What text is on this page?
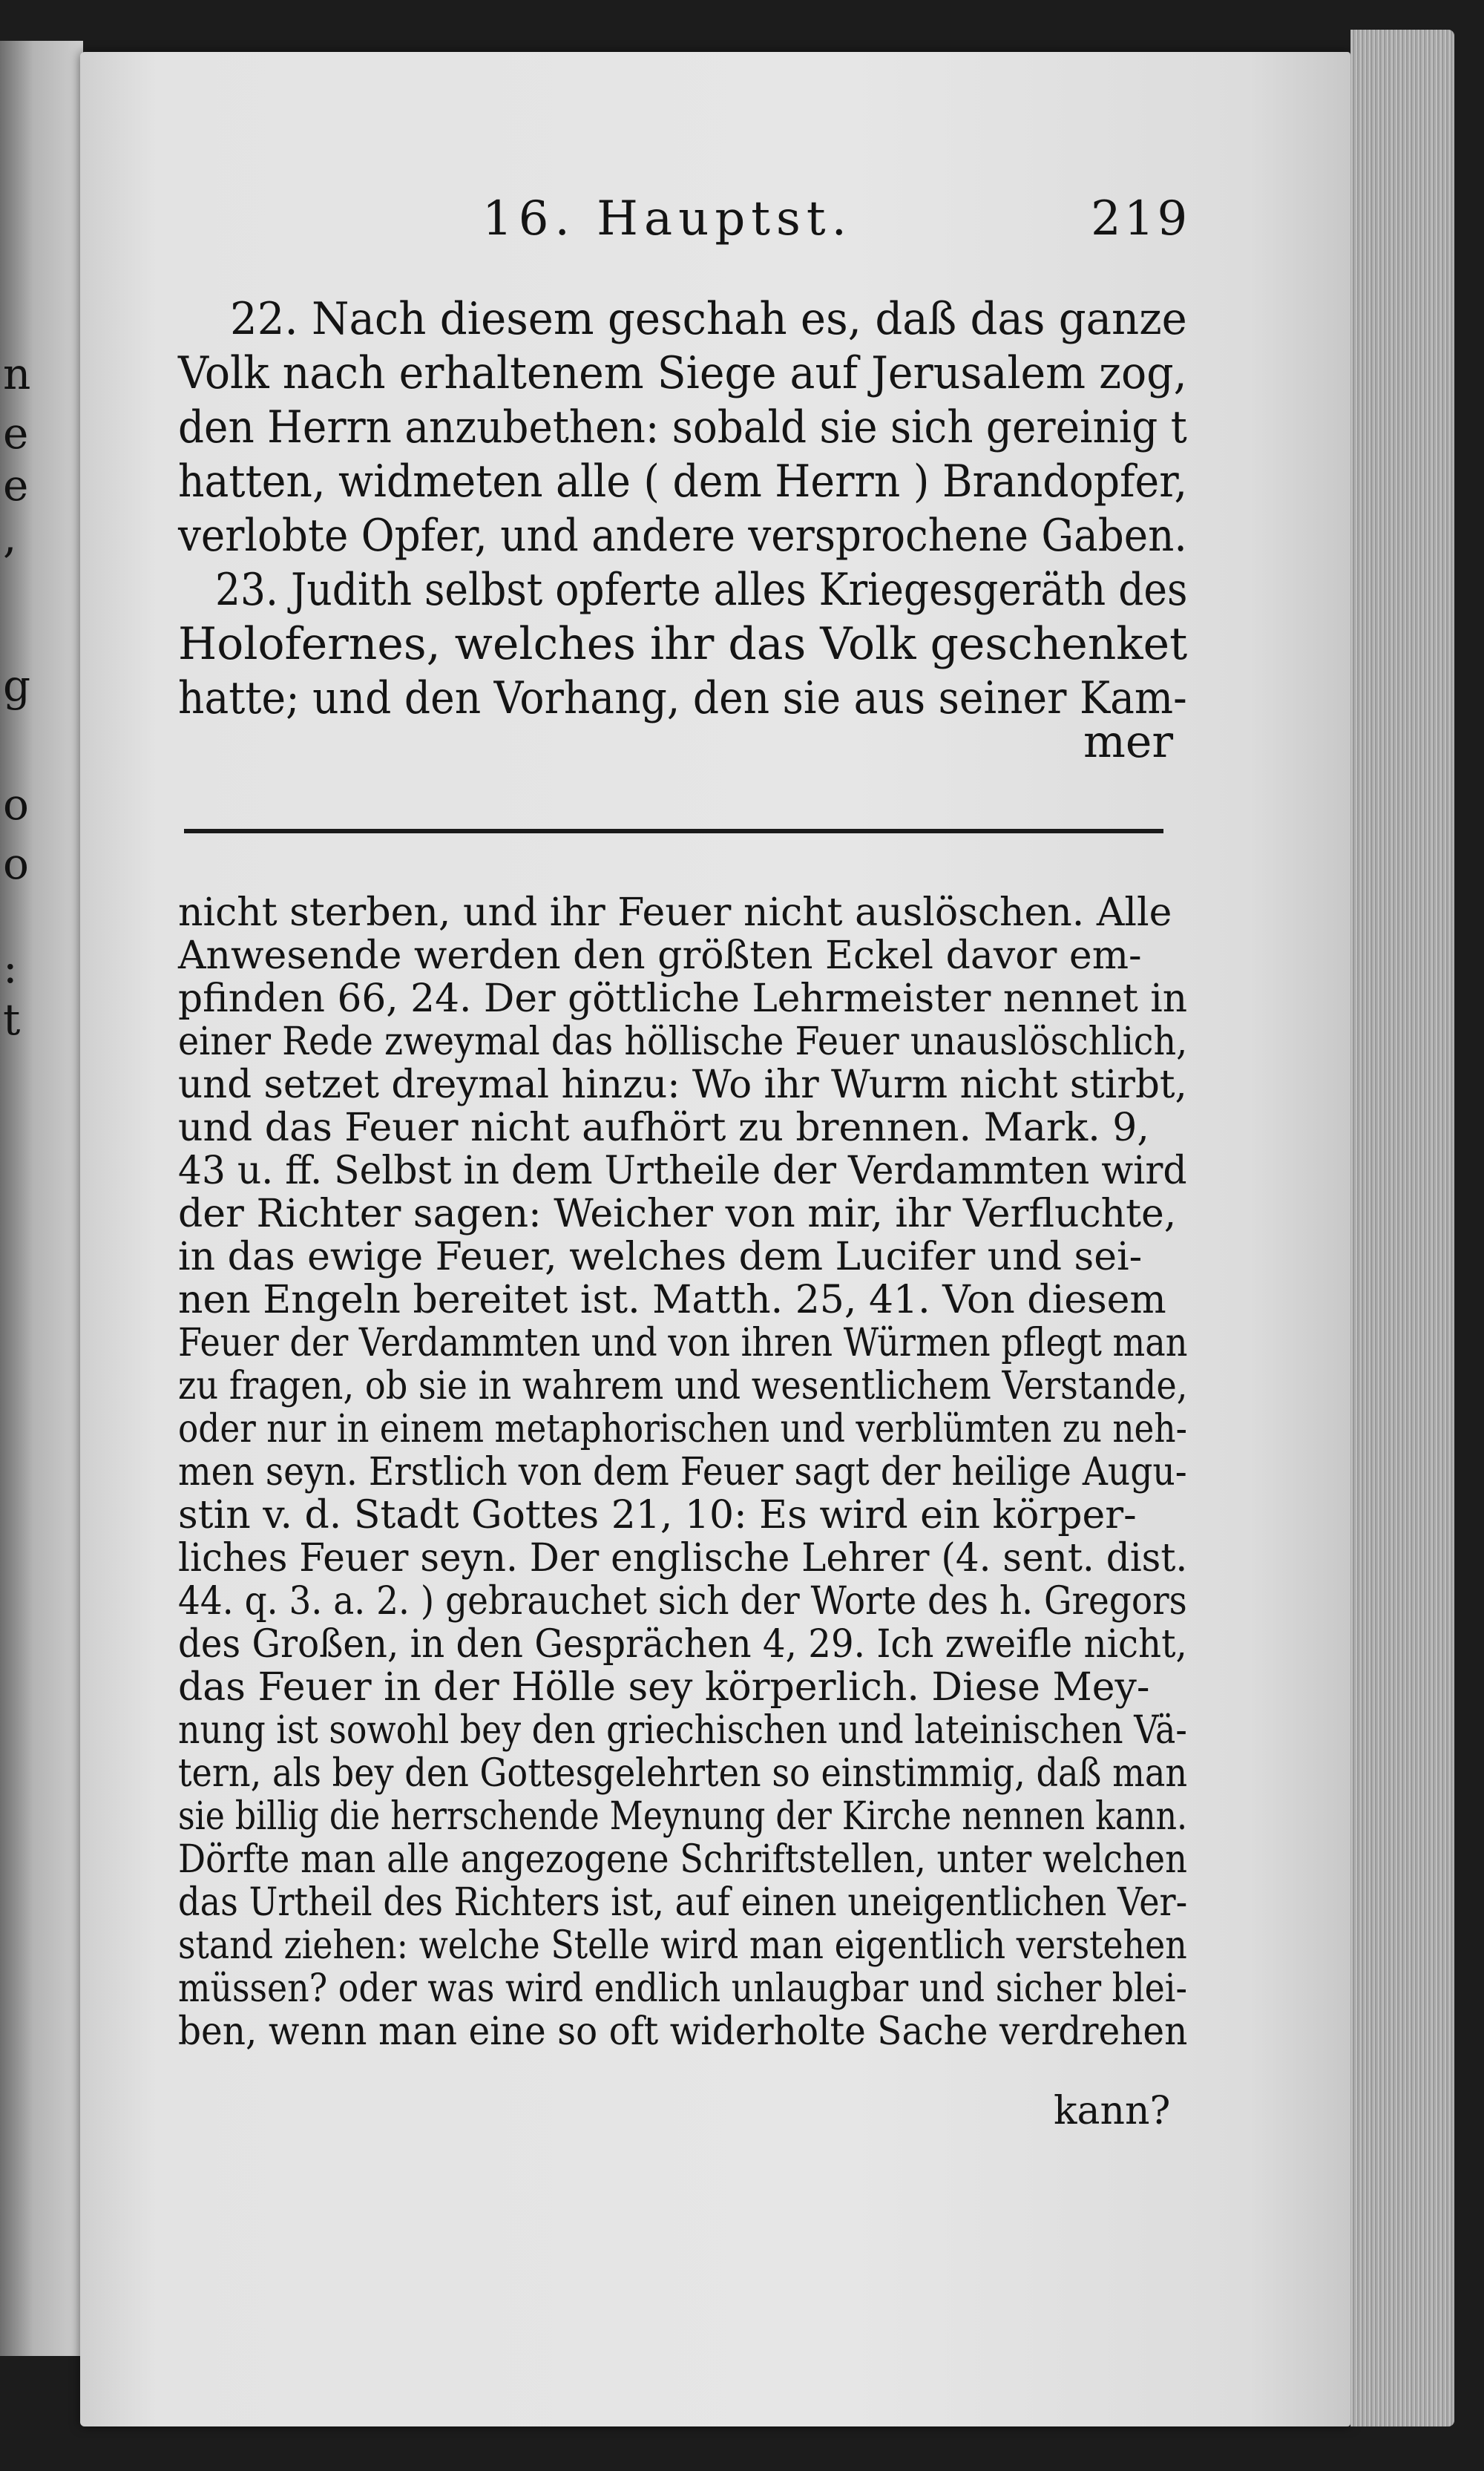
n
e
e
,
g
o
o
:
t
16. Hauptst.	219
22. Nach diesem geschah es, daß das ganze
Volk nach erhaltenem Siege auf Jerusalem zog,
den Herrn anzubethen: sobald sie sich gereinig t
hatten, widmeten alle ( dem Herrn ) Brandopfer,
verlobte Opfer, und andere versprochene Gaben.
23. Judith selbst opferte alles Kriegesgeräth des
Holofernes, welches ihr das Volk geschenket
hatte; und den Vorhang, den sie aus seiner Kam-
mer
nicht sterben, und ihr Feuer nicht auslöschen. Alle
Anwesende werden den größten Eckel davor em-
pfinden 66, 24. Der göttliche Lehrmeister nennet in
einer Rede zweymal das höllische Feuer unauslöschlich,
und setzet dreymal hinzu: Wo ihr Wurm nicht stirbt,
und das Feuer nicht aufhört zu brennen. Mark. 9,
43 u. ff. Selbst in dem Urtheile der Verdammten wird
der Richter sagen: Weicher von mir, ihr Verfluchte,
in das ewige Feuer, welches dem Lucifer und sei-
nen Engeln bereitet ist. Matth. 25, 41. Von diesem
Feuer der Verdammten und von ihren Würmen pflegt man
zu fragen, ob sie in wahrem und wesentlichem Verstande,
oder nur in einem metaphorischen und verblümten zu neh-
men seyn. Erstlich von dem Feuer sagt der heilige Augu-
stin v. d. Stadt Gottes 21, 10: Es wird ein körper-
liches Feuer seyn. Der englische Lehrer (4. sent. dist.
44. q. 3. a. 2. ) gebrauchet sich der Worte des h. Gregors
des Großen, in den Gesprächen 4, 29. Ich zweifle nicht,
das Feuer in der Hölle sey körperlich. Diese Mey-
nung ist sowohl bey den griechischen und lateinischen Vä-
tern, als bey den Gottesgelehrten so einstimmig, daß man
sie billig die herrschende Meynung der Kirche nennen kann.
Dörfte man alle angezogene Schriftstellen, unter welchen
das Urtheil des Richters ist, auf einen uneigentlichen Ver-
stand ziehen: welche Stelle wird man eigentlich verstehen
müssen? oder was wird endlich unlaugbar und sicher blei-
ben, wenn man eine so oft widerholte Sache verdrehen
kann?
